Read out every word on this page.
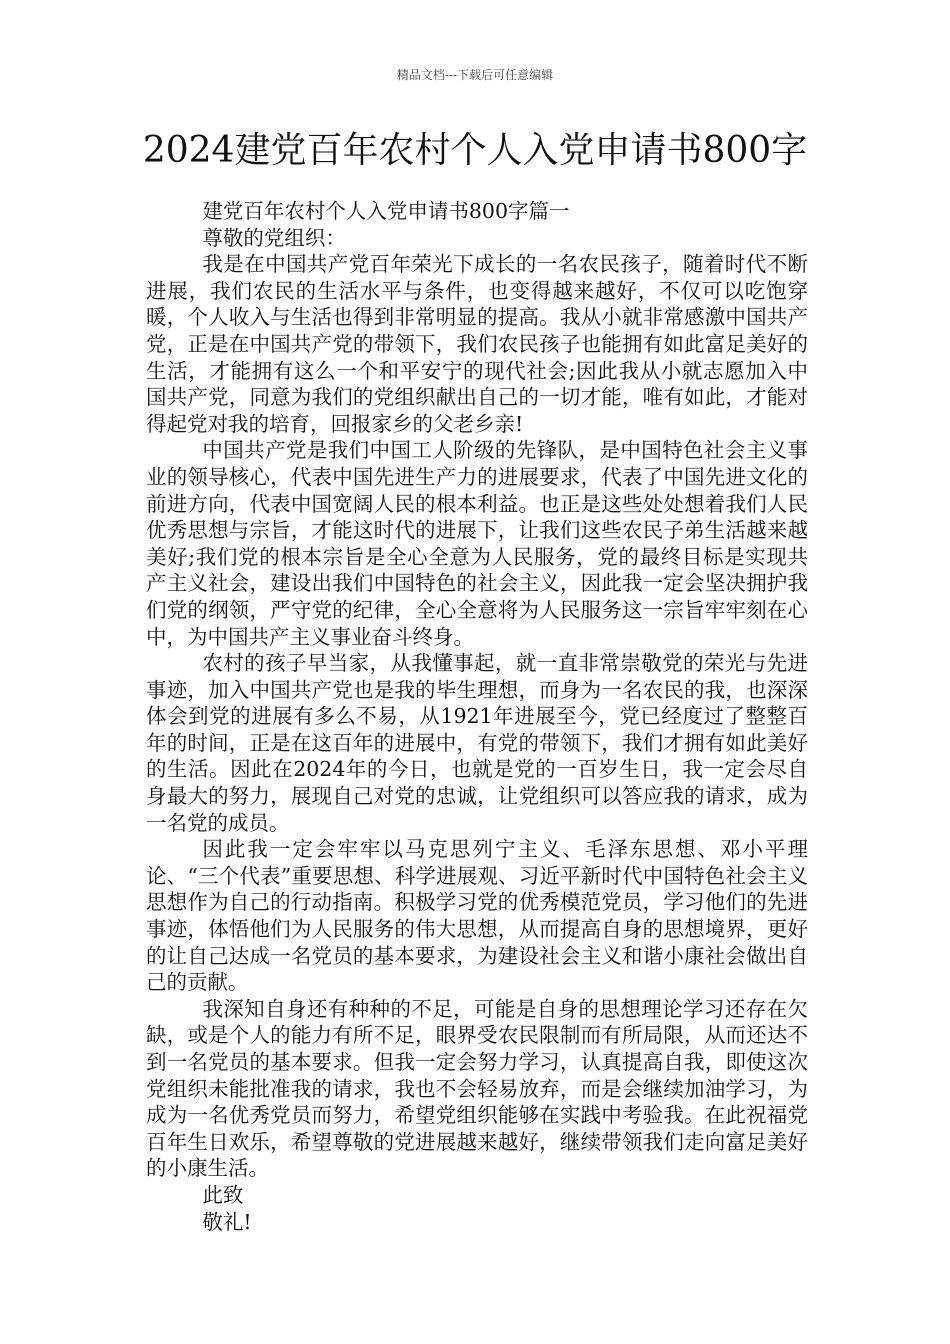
精品文档---下载后可任意编辑
2024建党百年农村个人入党申请书800字

建党百年农村个人入党申请书800字篇一

尊敬的党组织：

我是在中国共产党百年荣光下成长的一名农民孩子，随着时代不断进展，我们农民的生活水平与条件，也变得越来越好，不仅可以吃饱穿暖，个人收入与生活也得到非常明显的提高。我从小就非常感激中国共产党，正是在中国共产党的带领下，我们农民孩子也能拥有如此富足美好的生活，才能拥有这么一个和平安宁的现代社会;因此我从小就志愿加入中国共产党，同意为我们的党组织献出自己的一切才能，唯有如此，才能对得起党对我的培育，回报家乡的父老乡亲!

中国共产党是我们中国工人阶级的先锋队，是中国特色社会主义事业的领导核心，代表中国先进生产力的进展要求，代表了中国先进文化的前进方向，代表中国宽阔人民的根本利益。也正是这些处处想着我们人民优秀思想与宗旨，才能这时代的进展下，让我们这些农民子弟生活越来越美好;我们党的根本宗旨是全心全意为人民服务，党的最终目标是实现共产主义社会，建设出我们中国特色的社会主义，因此我一定会坚决拥护我们党的纲领，严守党的纪律，全心全意将为人民服务这一宗旨牢牢刻在心中，为中国共产主义事业奋斗终身。

农村的孩子早当家，从我懂事起，就一直非常崇敬党的荣光与先进事迹，加入中国共产党也是我的毕生理想，而身为一名农民的我，也深深体会到党的进展有多么不易，从1921年进展至今，党已经度过了整整百年的时间，正是在这百年的进展中，有党的带领下，我们才拥有如此美好的生活。因此在2024年的今日，也就是党的一百岁生日，我一定会尽自身最大的努力，展现自己对党的忠诚，让党组织可以答应我的请求，成为一名党的成员。

因此我一定会牢牢以马克思列宁主义、毛泽东思想、邓小平理论、“三个代表”重要思想、科学进展观、习近平新时代中国特色社会主义思想作为自己的行动指南。积极学习党的优秀模范党员，学习他们的先进事迹，体悟他们为人民服务的伟大思想，从而提高自身的思想境界，更好的让自己达成一名党员的基本要求，为建设社会主义和谐小康社会做出自己的贡献。

我深知自身还有种种的不足，可能是自身的思想理论学习还存在欠缺，或是个人的能力有所不足，眼界受农民限制而有所局限，从而还达不到一名党员的基本要求。但我一定会努力学习，认真提高自我，即使这次党组织未能批准我的请求，我也不会轻易放弃，而是会继续加油学习，为成为一名优秀党员而努力，希望党组织能够在实践中考验我。在此祝福党百年生日欢乐，希望尊敬的党进展越来越好，继续带领我们走向富足美好的小康生活。

此致

敬礼!
